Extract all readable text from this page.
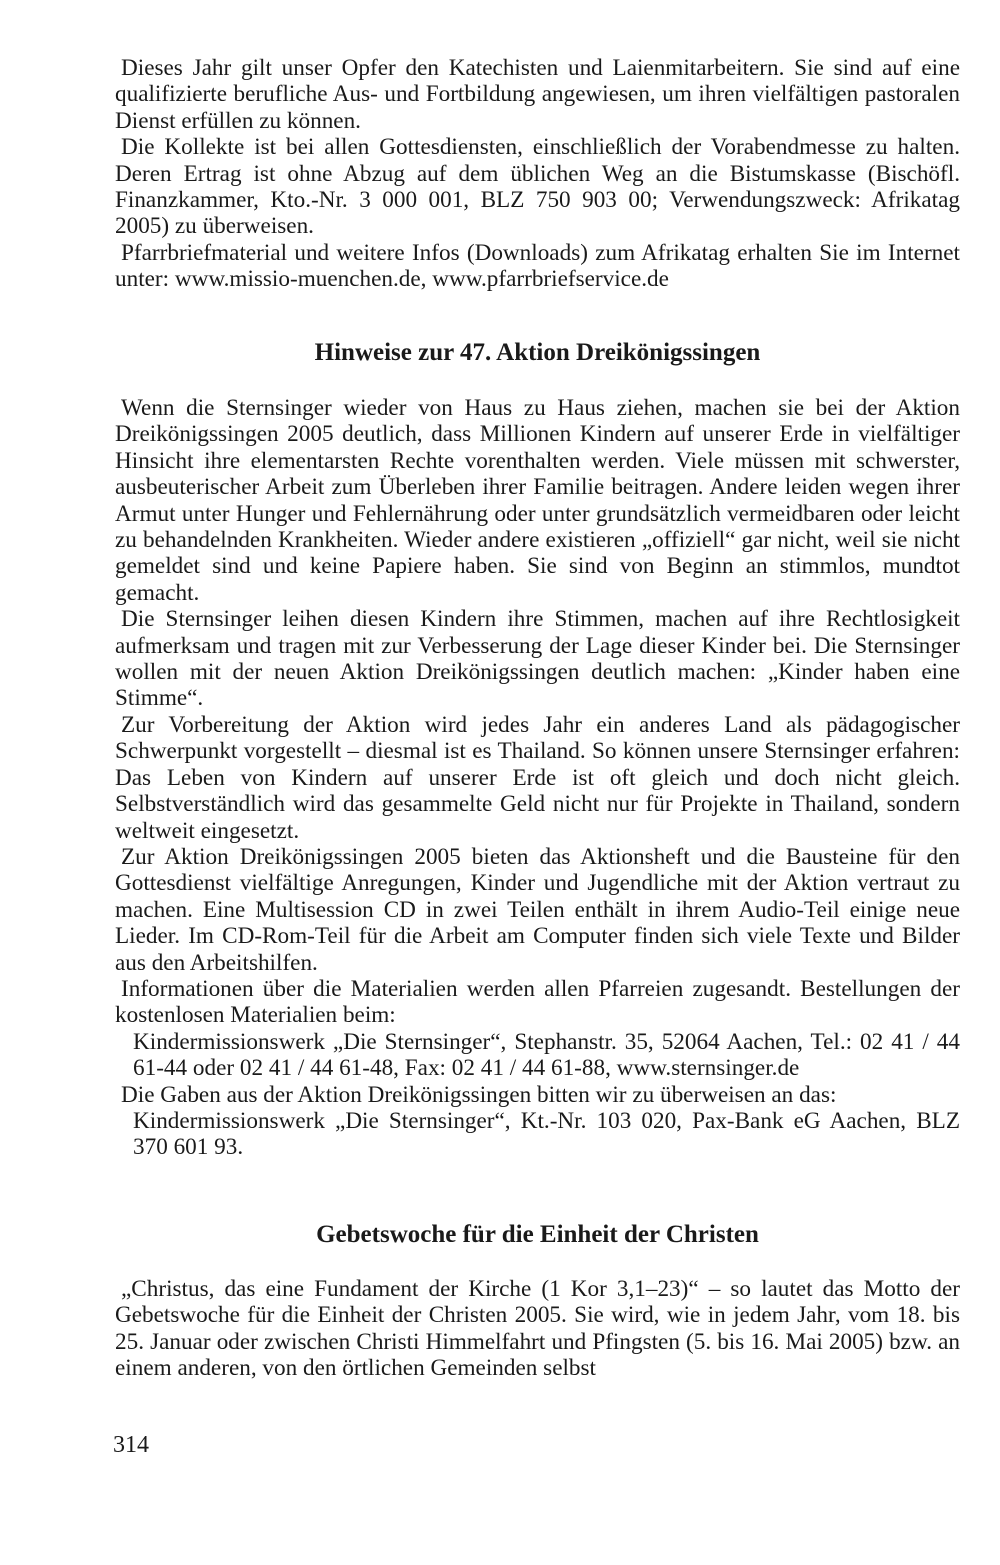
Dieses Jahr gilt unser Opfer den Katechisten und Laienmitarbeitern. Sie sind auf eine qualifizierte berufliche Aus- und Fortbildung angewiesen, um ihren vielfältigen pastoralen Dienst erfüllen zu können.

Die Kollekte ist bei allen Gottesdiensten, einschließlich der Vorabendmesse zu halten. Deren Ertrag ist ohne Abzug auf dem üblichen Weg an die Bistumskasse (Bischöfl. Finanzkammer, Kto.-Nr. 3 000 001, BLZ 750 903 00; Verwendungszweck: Afrikatag 2005) zu überweisen.

Pfarrbriefmaterial und weitere Infos (Downloads) zum Afrikatag erhalten Sie im Internet unter: www.missio-muenchen.de, www.pfarrbriefservice.de

Hinweise zur 47. Aktion Dreikönigssingen

Wenn die Sternsinger wieder von Haus zu Haus ziehen, machen sie bei der Aktion Dreikönigssingen 2005 deutlich, dass Millionen Kindern auf unserer Erde in vielfältiger Hinsicht ihre elementarsten Rechte vorenthalten werden. Viele müssen mit schwerster, ausbeuterischer Arbeit zum Überleben ihrer Familie beitragen. Andere leiden wegen ihrer Armut unter Hunger und Fehlernährung oder unter grundsätzlich vermeidbaren oder leicht zu behandelnden Krankheiten. Wieder andere existieren „offiziell“ gar nicht, weil sie nicht gemeldet sind und keine Papiere haben. Sie sind von Beginn an stimmlos, mundtot gemacht.

Die Sternsinger leihen diesen Kindern ihre Stimmen, machen auf ihre Rechtlosigkeit aufmerksam und tragen mit zur Verbesserung der Lage dieser Kinder bei. Die Sternsinger wollen mit der neuen Aktion Dreikönigssingen deutlich machen: „Kinder haben eine Stimme“.

Zur Vorbereitung der Aktion wird jedes Jahr ein anderes Land als pädagogischer Schwerpunkt vorgestellt – diesmal ist es Thailand. So können unsere Sternsinger erfahren: Das Leben von Kindern auf unserer Erde ist oft gleich und doch nicht gleich. Selbstverständlich wird das gesammelte Geld nicht nur für Projekte in Thailand, sondern weltweit eingesetzt.

Zur Aktion Dreikönigssingen 2005 bieten das Aktionsheft und die Bausteine für den Gottesdienst vielfältige Anregungen, Kinder und Jugendliche mit der Aktion vertraut zu machen. Eine Multisession CD in zwei Teilen enthält in ihrem Audio-Teil einige neue Lieder. Im CD-Rom-Teil für die Arbeit am Computer finden sich viele Texte und Bilder aus den Arbeitshilfen.

Informationen über die Materialien werden allen Pfarreien zugesandt. Bestellungen der kostenlosen Materialien beim:

Kindermissionswerk „Die Sternsinger“, Stephanstr. 35, 52064 Aachen, Tel.: 02 41 / 44 61-44 oder 02 41 / 44 61-48, Fax: 02 41 / 44 61-88, www.sternsinger.de

Die Gaben aus der Aktion Dreikönigssingen bitten wir zu überweisen an das:

Kindermissionswerk „Die Sternsinger“, Kt.-Nr. 103 020, Pax-Bank eG Aachen, BLZ 370 601 93.

Gebetswoche für die Einheit der Christen

„Christus, das eine Fundament der Kirche (1 Kor 3,1–23)“ – so lautet das Motto der Gebetswoche für die Einheit der Christen 2005. Sie wird, wie in jedem Jahr, vom 18. bis 25. Januar oder zwischen Christi Himmelfahrt und Pfingsten (5. bis 16. Mai 2005) bzw. an einem anderen, von den örtlichen Gemeinden selbst

314
